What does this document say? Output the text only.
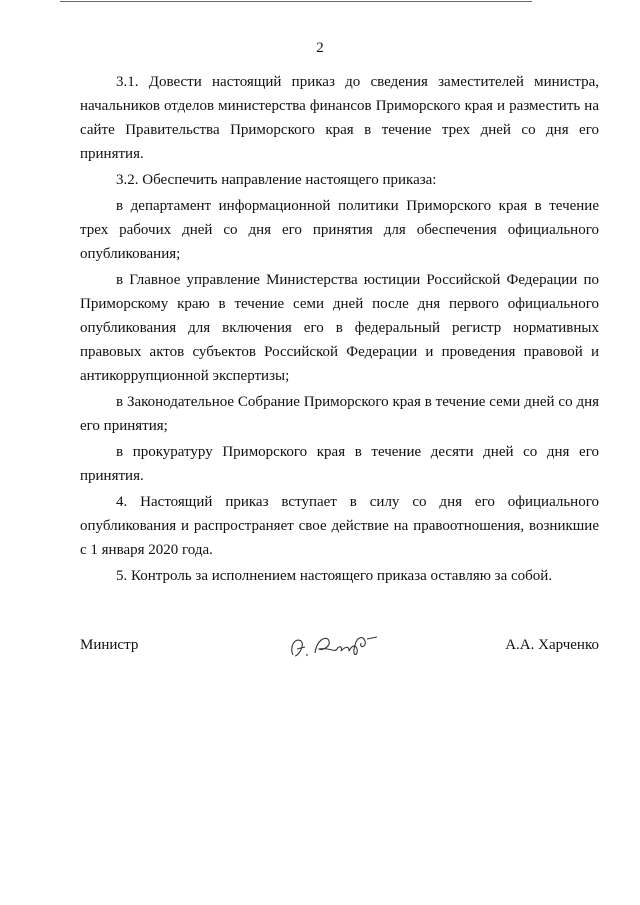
2

3.1. Довести настоящий приказ до сведения заместителей министра, начальников отделов министерства финансов Приморского края и разместить на сайте Правительства Приморского края в течение трех дней со дня его принятия.

3.2. Обеспечить направление настоящего приказа:

в департамент информационной политики Приморского края в течение трех рабочих дней со дня его принятия для обеспечения официального опубликования;

в Главное управление Министерства юстиции Российской Федерации по Приморскому краю в течение семи дней после дня первого официального опубликования для включения его в федеральный регистр нормативных правовых актов субъектов Российской Федерации и проведения правовой и антикоррупционной экспертизы;

в Законодательное Собрание Приморского края в течение семи дней со дня его принятия;

в прокуратуру Приморского края в течение десяти дней со дня его принятия.

4. Настоящий приказ вступает в силу со дня его официального опубликования и распространяет свое действие на правоотношения, возникшие с 1 января 2020 года.

5. Контроль за исполнением настоящего приказа оставляю за собой.

Министр	А.А. Харченко
